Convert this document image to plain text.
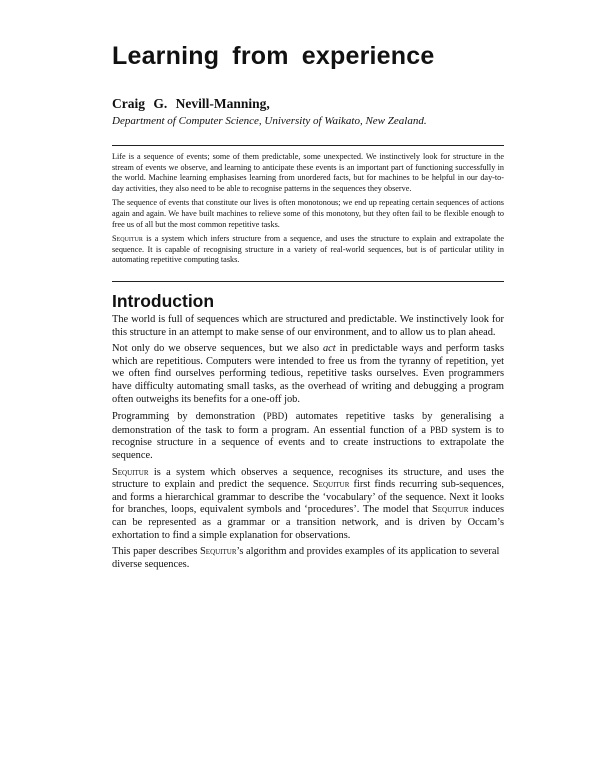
Learning from experience
Craig G. Nevill-Manning,
Department of Computer Science, University of Waikato, New Zealand.

Life is a sequence of events; some of them predictable, some unexpected. We instinctively look for structure in the stream of events we observe, and learning to anticipate these events is an important part of functioning successfully in the world. Machine learning emphasises learning from unordered facts, but for machines to be helpful in our day-to-day activities, they also need to be able to recognise patterns in the sequences they observe.

The sequence of events that constitute our lives is often monotonous; we end up repeating certain sequences of actions again and again. We have built machines to relieve some of this monotony, but they often fail to be flexible enough to free us of all but the most common repetitive tasks.

Sequitur is a system which infers structure from a sequence, and uses the structure to explain and extrapolate the sequence. It is capable of recognising structure in a variety of real-world sequences, but is of particular utility in automating repetitive computing tasks.

Introduction

The world is full of sequences which are structured and predictable. We instinctively look for this structure in an attempt to make sense of our environment, and to allow us to plan ahead.

Not only do we observe sequences, but we also act in predictable ways and perform tasks which are repetitious. Computers were intended to free us from the tyranny of repetition, yet we often find ourselves performing tedious, repetitive tasks ourselves. Even programmers have difficulty automating small tasks, as the overhead of writing and debugging a program often outweighs its benefits for a one-off job.

Programming by demonstration (PBD) automates repetitive tasks by generalising a demonstration of the task to form a program. An essential function of a PBD system is to recognise structure in a sequence of events and to create instructions to extrapolate the sequence.

Sequitur is a system which observes a sequence, recognises its structure, and uses the structure to explain and predict the sequence. Sequitur first finds recurring sub-sequences, and forms a hierarchical grammar to describe the ‘vocabulary’ of the sequence. Next it looks for branches, loops, equivalent symbols and ‘procedures’. The model that Sequitur induces can be represented as a grammar or a transition network, and is driven by Occam’s exhortation to find a simple explanation for observations.

This paper describes Sequitur’s algorithm and provides examples of its application to several diverse sequences.
